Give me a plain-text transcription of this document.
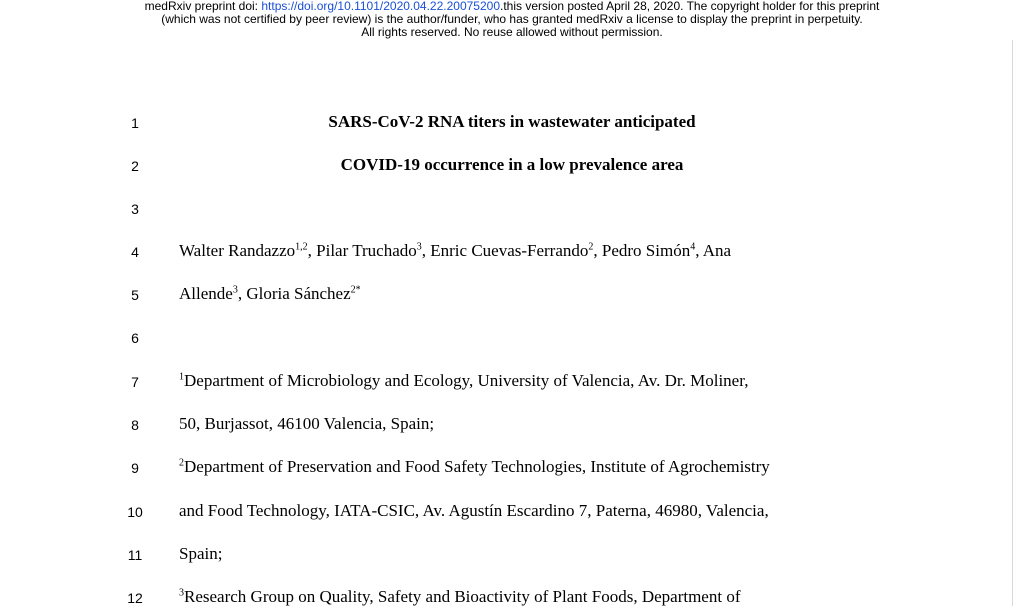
medRxiv preprint doi: https://doi.org/10.1101/2020.04.22.20075200.this version posted April 28, 2020. The copyright holder for this preprint
(which was not certified by peer review) is the author/funder, who has granted medRxiv a license to display the preprint in perpetuity.
All rights reserved. No reuse allowed without permission.
1	SARS-CoV-2 RNA titers in wastewater anticipated
2	COVID-19 occurrence in a low prevalence area
3
4	Walter Randazzo$^{1,2}$, Pilar Truchado$^3$, Enric Cuevas-Ferrando$^2$, Pedro Simón$^4$, Ana
5	Allende$^3$, Gloria Sánchez$^{2*}$
6
7	$^1$Department of Microbiology and Ecology, University of Valencia, Av. Dr. Moliner,
8	50, Burjassot, 46100 Valencia, Spain;
9	$^2$Department of Preservation and Food Safety Technologies, Institute of Agrochemistry
10	and Food Technology, IATA-CSIC, Av. Agustín Escardino 7, Paterna, 46980, Valencia,
11	Spain;
12	$^3$Research Group on Quality, Safety and Bioactivity of Plant Foods, Department of
